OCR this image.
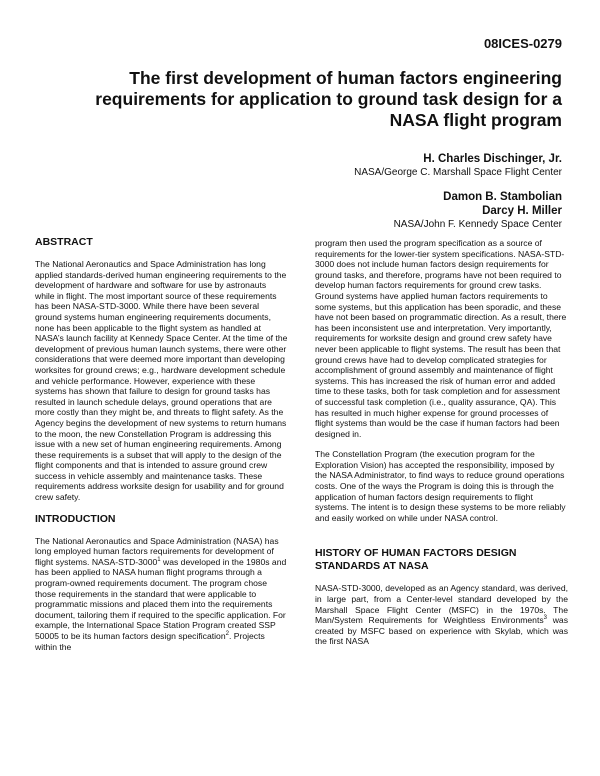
08ICES-0279
The first development of human factors engineering requirements for application to ground task design for a NASA flight program
H. Charles Dischinger, Jr.
NASA/George C. Marshall Space Flight Center
Damon B. Stambolian
Darcy H. Miller
NASA/John F. Kennedy Space Center
ABSTRACT

The National Aeronautics and Space Administration has long applied standards-derived human engineering requirements to the development of hardware and software for use by astronauts while in flight. The most important source of these requirements has been NASA-STD-3000. While there have been several ground systems human engineering requirements documents, none has been applicable to the flight system as handled at NASA’s launch facility at Kennedy Space Center. At the time of the development of previous human launch systems, there were other considerations that were deemed more important than developing worksites for ground crews; e.g., hardware development schedule and vehicle performance. However, experience with these systems has shown that failure to design for ground tasks has resulted in launch schedule delays, ground operations that are more costly than they might be, and threats to flight safety. As the Agency begins the development of new systems to return humans to the moon, the new Constellation Program is addressing this issue with a new set of human engineering requirements. Among these requirements is a subset that will apply to the design of the flight components and that is intended to assure ground crew success in vehicle assembly and maintenance tasks. These requirements address worksite design for usability and for ground crew safety.

INTRODUCTION

The National Aeronautics and Space Administration (NASA) has long employed human factors requirements for development of flight systems. NASA-STD-3000$^1$ was developed in the 1980s and has been applied to NASA human flight programs through a program-owned requirements document. The program chose those requirements in the standard that were applicable to programmatic missions and placed them into the requirements document, tailoring them if required to the specific application. For example, the International Space Station Program created SSP 50005 to be its human factors design specification$^2$. Projects within the

program then used the program specification as a source of requirements for the lower-tier system specifications. NASA-STD-3000 does not include human factors design requirements for ground tasks, and therefore, programs have not been required to develop human factors requirements for ground crew tasks. Ground systems have applied human factors requirements to some systems, but this application has been sporadic, and these have not been based on programmatic direction. As a result, there has been inconsistent use and interpretation. Very importantly, requirements for worksite design and ground crew safety have never been applicable to flight systems. The result has been that ground crews have had to develop complicated strategies for accomplishment of ground assembly and maintenance of flight systems. This has increased the risk of human error and added time to these tasks, both for task completion and for assessment of successful task completion (i.e., quality assurance, QA). This has resulted in much higher expense for ground processes of flight systems than would be the case if human factors had been designed in.

The Constellation Program (the execution program for the Exploration Vision) has accepted the responsibility, imposed by the NASA Administrator, to find ways to reduce ground operations costs. One of the ways the Program is doing this is through the application of human factors design requirements to flight systems. The intent is to design these systems to be more reliably and easily worked on while under NASA control.

HISTORY OF HUMAN FACTORS DESIGN STANDARDS AT NASA

NASA-STD-3000, developed as an Agency standard, was derived, in large part, from a Center-level standard developed by the Marshall Space Flight Center (MSFC) in the 1970s. The Man/System Requirements for Weightless Environments$^3$ was created by MSFC based on experience with Skylab, which was the first NASA
